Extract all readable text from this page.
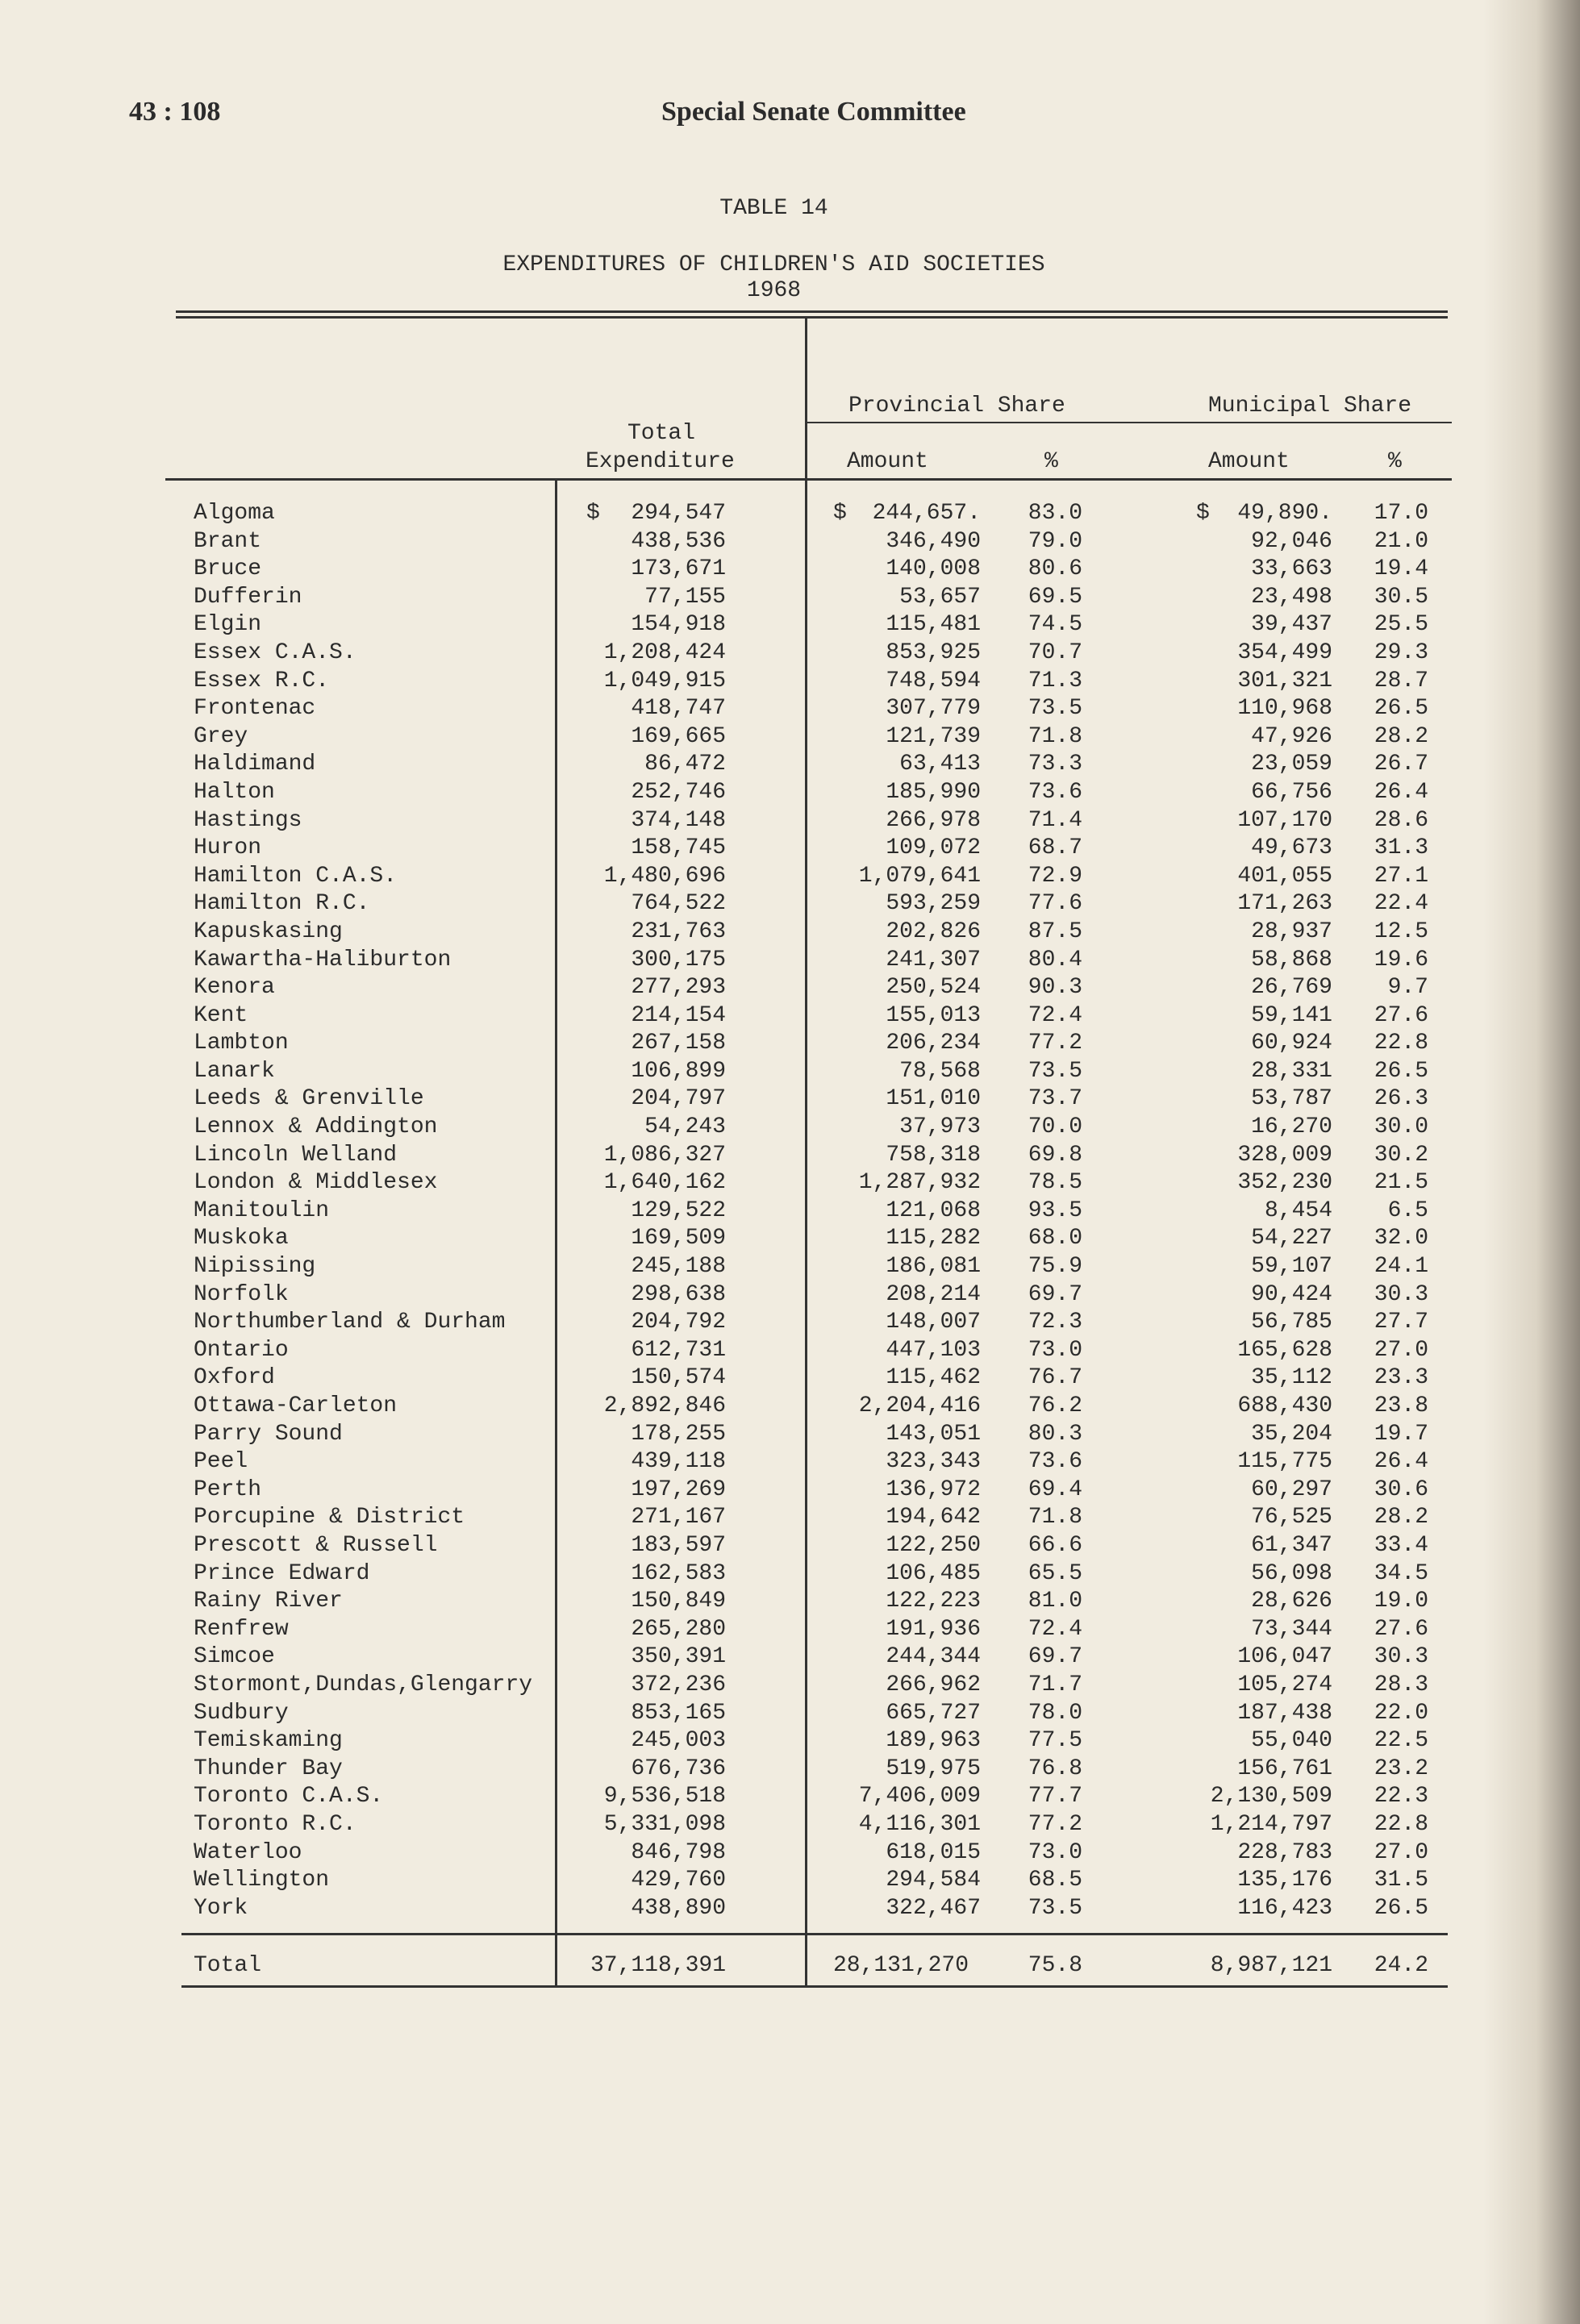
43 : 108	Special Senate Committee
TABLE 14
EXPENDITURES OF CHILDREN'S AID SOCIETIES
1968
Provincial Share	Municipal Share
Total
Expenditure	Amount	%	Amount	%
Algoma	294,547	244,657. 83.0	49,890. 17.0
$	$	$
Brant	438,536	346,490 79.0	92,046 21.0
Bruce	173,671	140,008 80.6	33,663 19.4
Dufferin	77,155	53,657 69.5	23,498 30.5
Elgin	154,918	115,481 74.5	39,437 25.5
Essex C.A.S.	1,208,424	853,925 70.7	354,499 29.3
Essex R.C.	1,049,915	748,594 71.3	301,321 28.7
Frontenac	418,747	307,779 73.5	110,968 26.5
Grey	169,665	121,739 71.8	47,926 28.2
Haldimand	86,472	63,413 73.3	23,059 26.7
Halton	252,746	185,990 73.6	66,756 26.4
Hastings	374,148	266,978 71.4	107,170 28.6
Huron	158,745	109,072 68.7	49,673 31.3
Hamilton C.A.S.	1,480,696	1,079,641 72.9	401,055 27.1
Hamilton R.C.	764,522	593,259 77.6	171,263 22.4
Kapuskasing	231,763	202,826 87.5	28,937 12.5
Kawartha-Haliburton	300,175	241,307 80.4	58,868 19.6
Kenora	277,293	250,524 90.3	26,769 9.7
Kent	214,154	155,013 72.4	59,141 27.6
Lambton	267,158	206,234 77.2	60,924 22.8
Lanark	106,899	78,568 73.5	28,331 26.5
Leeds & Grenville	204,797	151,010 73.7	53,787 26.3
Lennox & Addington	54,243	37,973 70.0	16,270 30.0
Lincoln Welland	1,086,327	758,318 69.8	328,009 30.2
London & Middlesex	1,640,162	1,287,932 78.5	352,230 21.5
Manitoulin	129,522	121,068 93.5	8,454 6.5
Muskoka	169,509	115,282 68.0	54,227 32.0
Nipissing	245,188	186,081 75.9	59,107 24.1
Norfolk	298,638	208,214 69.7	90,424 30.3
Northumberland & Durham	204,792	148,007 72.3	56,785 27.7
Ontario	612,731	447,103 73.0	165,628 27.0
Oxford	150,574	115,462 76.7	35,112 23.3
Ottawa-Carleton	2,892,846	2,204,416 76.2	688,430 23.8
Parry Sound	178,255	143,051 80.3	35,204 19.7
Peel	439,118	323,343 73.6	115,775 26.4
Perth	197,269	136,972 69.4	60,297 30.6
Porcupine & District	271,167	194,642 71.8	76,525 28.2
Prescott & Russell	183,597	122,250 66.6	61,347 33.4
Prince Edward	162,583	106,485 65.5	56,098 34.5
Rainy River	150,849	122,223 81.0	28,626 19.0
Renfrew	265,280	191,936 72.4	73,344 27.6
Simcoe	350,391	244,344 69.7	106,047 30.3
Stormont,Dundas,Glengarry	372,236	266,962 71.7	105,274 28.3
Sudbury	853,165	665,727 78.0	187,438 22.0
Temiskaming	245,003	189,963 77.5	55,040 22.5
Thunder Bay	676,736	519,975 76.8	156,761 23.2
Toronto C.A.S.	9,536,518	7,406,009 77.7	2,130,509 22.3
Toronto R.C.	5,331,098	4,116,301 77.2	1,214,797 22.8
Waterloo	846,798	618,015 73.0	228,783 27.0
Wellington	429,760	294,584 68.5	135,176 31.5
York	438,890	322,467 73.5	116,423 26.5
Total	37,118,391	28,131,270	75.8	8,987,121 24.2
